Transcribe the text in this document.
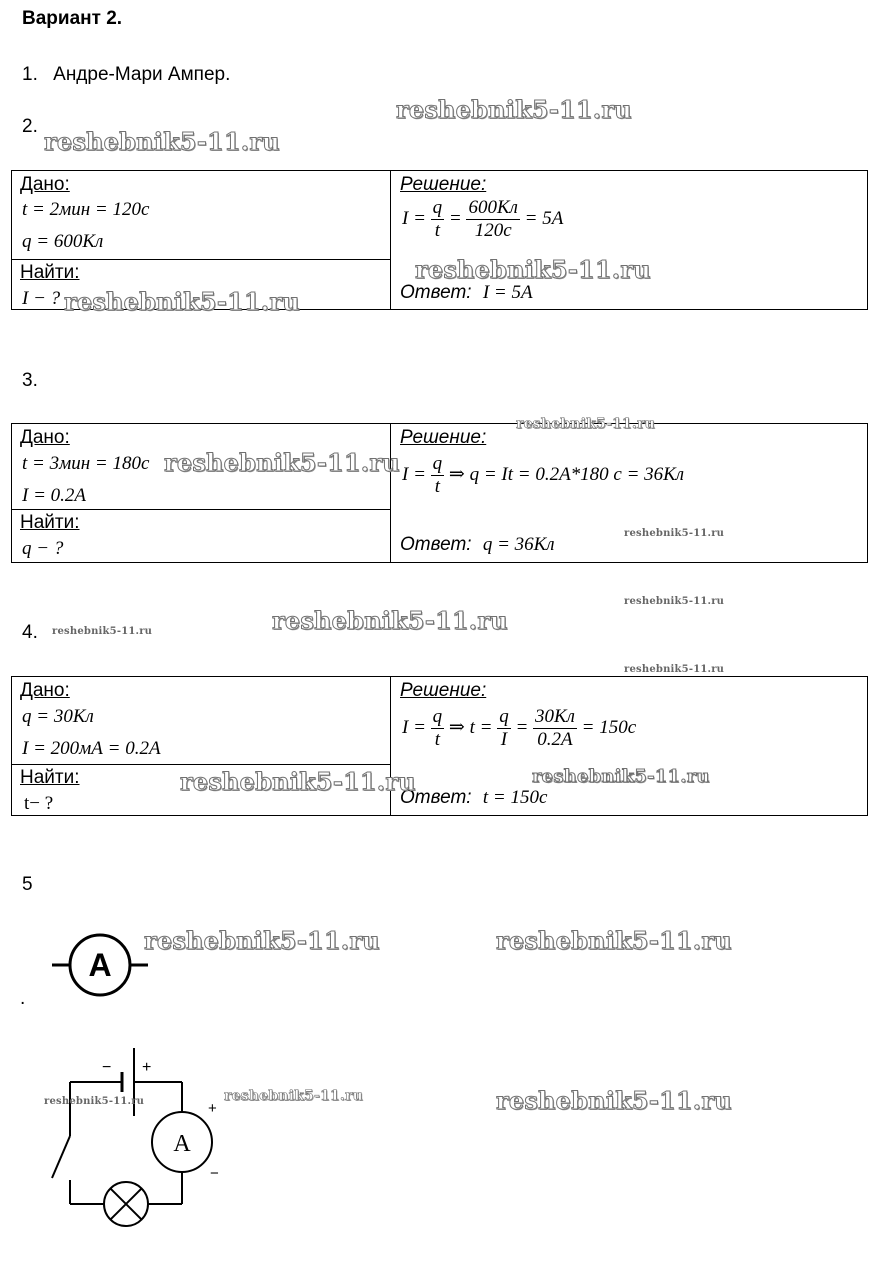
Вариант 2.
1. Андре-Мари Ампер.
2.
reshebnik5-11.ru
reshebnik5-11.ru
Дано:
t = 2мин = 120с
q = 600Кл
Найти:
I − ?
Решение:
$I = \frac{q}{t} = \frac{600Кл}{120с} = 5A$
Ответ: I = 5A
reshebnik5-11.ru
reshebnik5-11.ru
3.
Дано:
t = 3мин = 180с
I = 0.2A
Найти:
q − ?
Решение:
$I = \frac{q}{t}$ ⇒ q = It = 0.2A*180 с = 36Кл
Ответ: q = 36Кл
reshebnik5-11.ru
reshebnik5-11.ru
reshebnik5-11.ru
reshebnik5-11.ru
4. reshebnik5-11.ru	reshebnik5-11.ru
reshebnik5-11.ru
Дано:
q = 30Кл
I = 200мА = 0.2A
Найти:
t− ?
Решение:
$I = \frac{q}{t}$ ⇒ $t = \frac{q}{I} = \frac{30Кл}{0.2A} = 150с$
Ответ: t = 150с
reshebnik5-11.ru
reshebnik5-11.ru
5
A
reshebnik5-11.ru	reshebnik5-11.ru
.
− +
A
+
−
reshebnik5-11.ru	reshebnik5-11.ru	reshebnik5-11.ru
